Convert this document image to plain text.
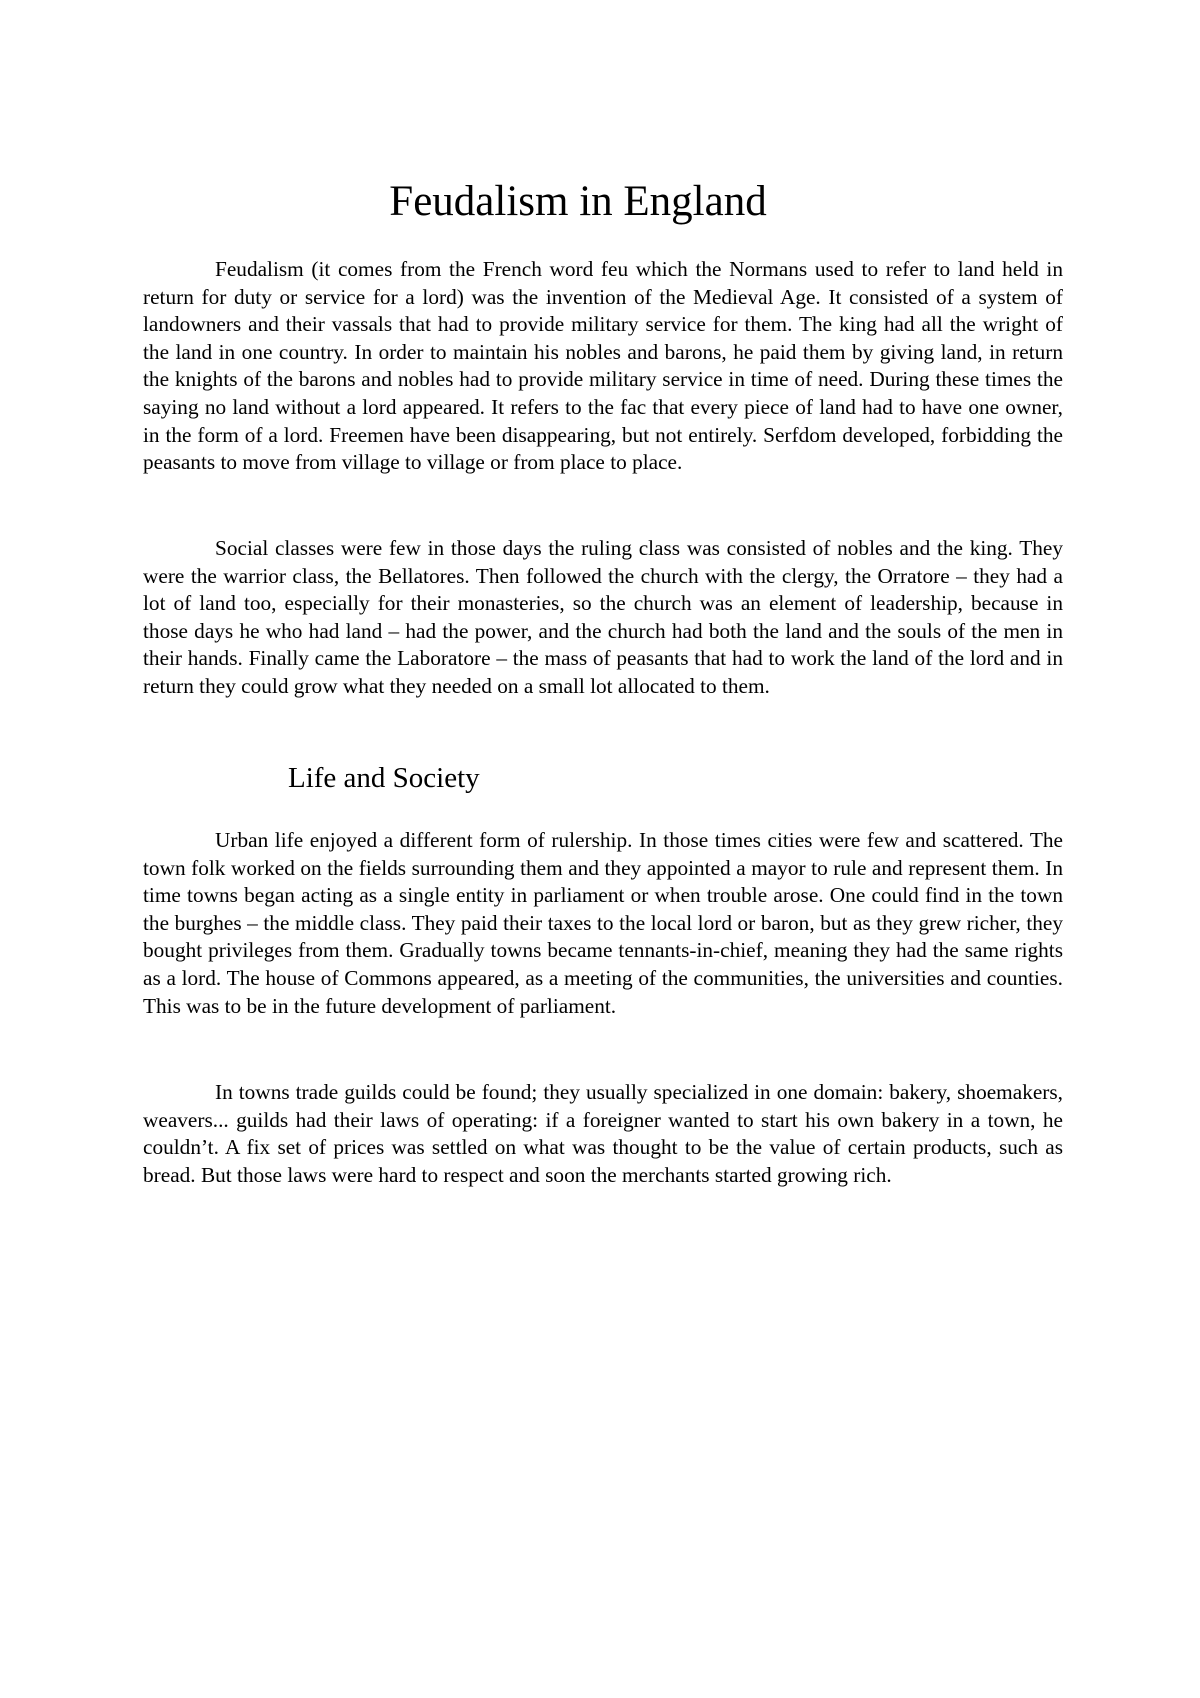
Feudalism in England

Feudalism (it comes from the French word feu which the Normans used to refer to land held in return for duty or service for a lord) was the invention of the Medieval Age. It consisted of a system of landowners and their vassals that had to provide military service for them. The king had all the wright of the land in one country. In order to maintain his nobles and barons, he paid them by giving land, in return the knights of the barons and nobles had to provide military service in time of need. During these times the saying no land without a lord appeared. It refers to the fac that every piece of land had to have one owner, in the form of a lord. Freemen have been disappearing, but not entirely. Serfdom developed, forbidding the peasants to move from village to village or from place to place.

Social classes were few in those days the ruling class was consisted of nobles and the king. They were the warrior class, the Bellatores. Then followed the church with the clergy, the Orratore – they had a lot of land too, especially for their monasteries, so the church was an element of leadership, because in those days he who had land – had the power, and the church had both the land and the souls of the men in their hands. Finally came the Laboratore – the mass of peasants that had to work the land of the lord and in return they could grow what they needed on a small lot allocated to them.

Life and Society

Urban life enjoyed a different form of rulership. In those times cities were few and scattered. The town folk worked on the fields surrounding them and they appointed a mayor to rule and represent them. In time towns began acting as a single entity in parliament or when trouble arose. One could find in the town the burghes – the middle class. They paid their taxes to the local lord or baron, but as they grew richer, they bought privileges from them. Gradually towns became tennants-in-chief, meaning they had the same rights as a lord. The house of Commons appeared, as a meeting of the communities, the universities and counties. This was to be in the future development of parliament.

In towns trade guilds could be found; they usually specialized in one domain: bakery, shoemakers, weavers... guilds had their laws of operating: if a foreigner wanted to start his own bakery in a town, he couldn’t. A fix set of prices was settled on what was thought to be the value of certain products, such as bread. But those laws were hard to respect and soon the merchants started growing rich.
